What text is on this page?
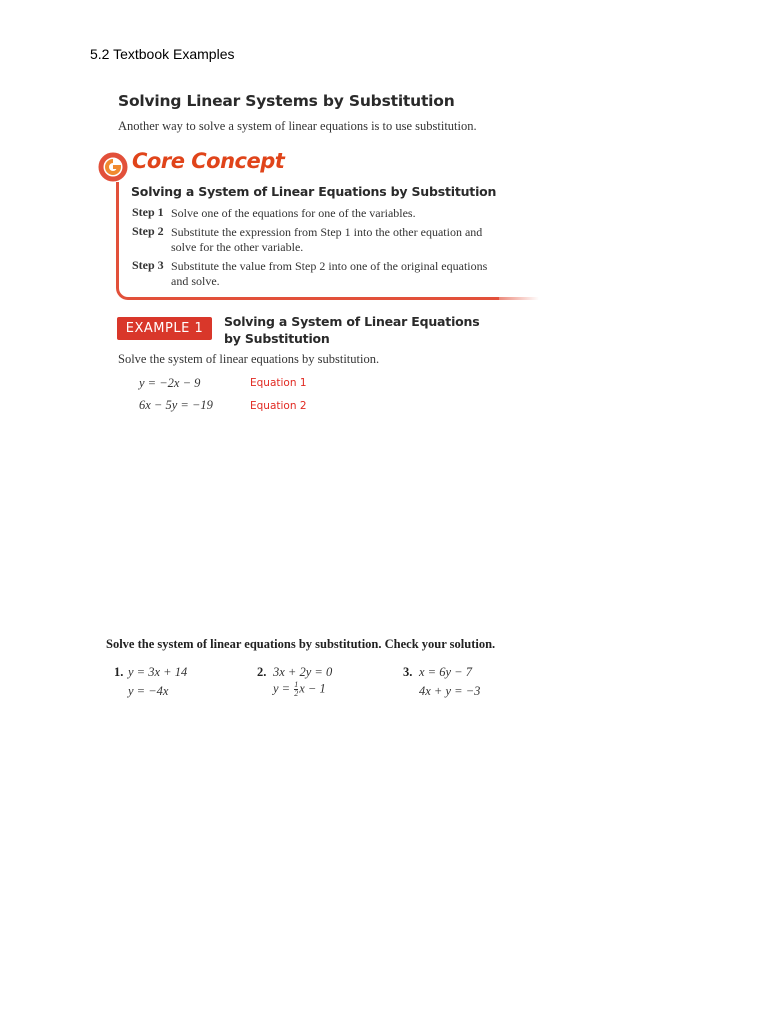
5.2 Textbook Examples
Solving Linear Systems by Substitution
Another way to solve a system of linear equations is to use substitution.
Core Concept
Solving a System of Linear Equations by Substitution
Step 1 Solve one of the equations for one of the variables.
Step 2 Substitute the expression from Step 1 into the other equation and
solve for the other variable.
Step 3 Substitute the value from Step 2 into one of the original equations
and solve.
EXAMPLE 1	Solving a System of Linear Equations
by Substitution
Solve the system of linear equations by substitution.
y = −2x − 9	Equation 1
6x − 5y = −19	Equation 2
Solve the system of linear equations by substitution. Check your solution.
1. y = 3x + 14
y = −4x
2. 3x + 2y = 0
$y = \frac{1}{2}$ x − 1
3. x = 6y − 7
4x + y = −3
